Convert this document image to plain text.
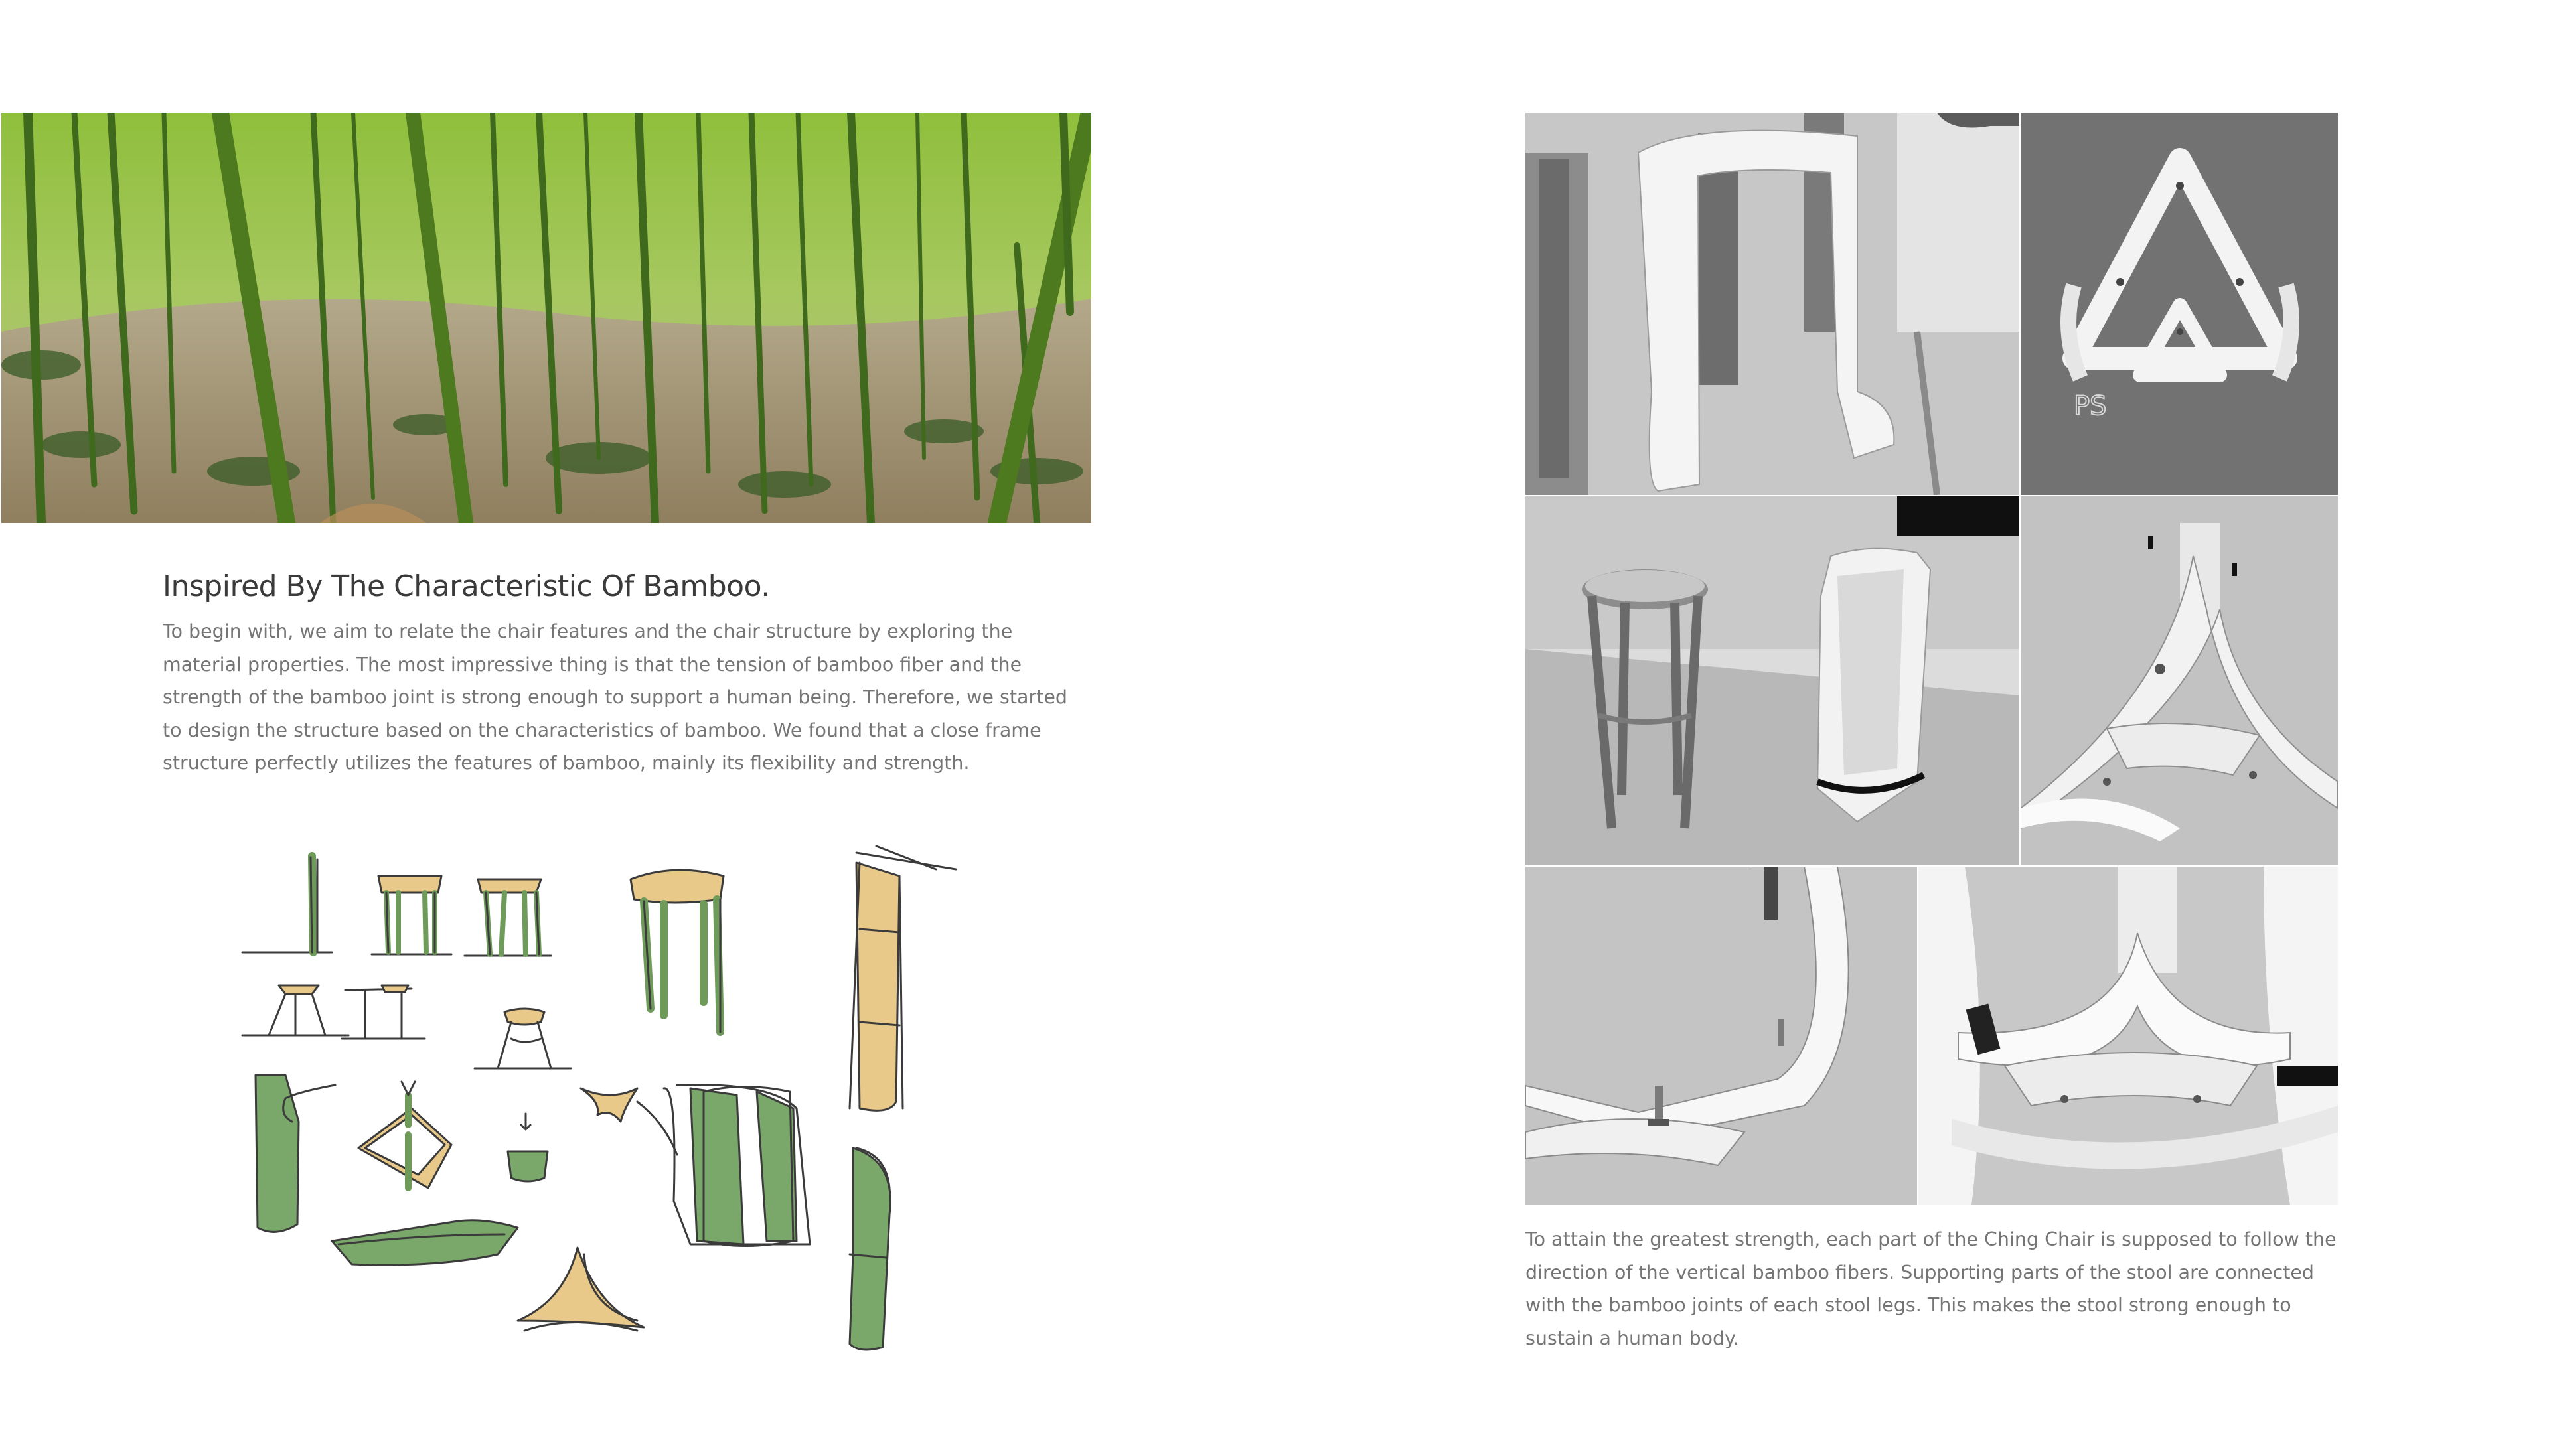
Inspired By The Characteristic Of Bamboo.

To begin with, we aim to relate the chair features and the chair structure by exploring the material properties. The most impressive thing is that the tension of bamboo fiber and the strength of the bamboo joint is strong enough to support a human being. Therefore, we started to design the structure based on the characteristics of bamboo. We found that a close frame structure perfectly utilizes the features of bamboo, mainly its flexibility and strength.

PS

To attain the greatest strength, each part of the Ching Chair is supposed to follow the direction of the vertical bamboo fibers. Supporting parts of the stool are connected with the bamboo joints of each stool legs. This makes the stool strong enough to sustain a human body.
